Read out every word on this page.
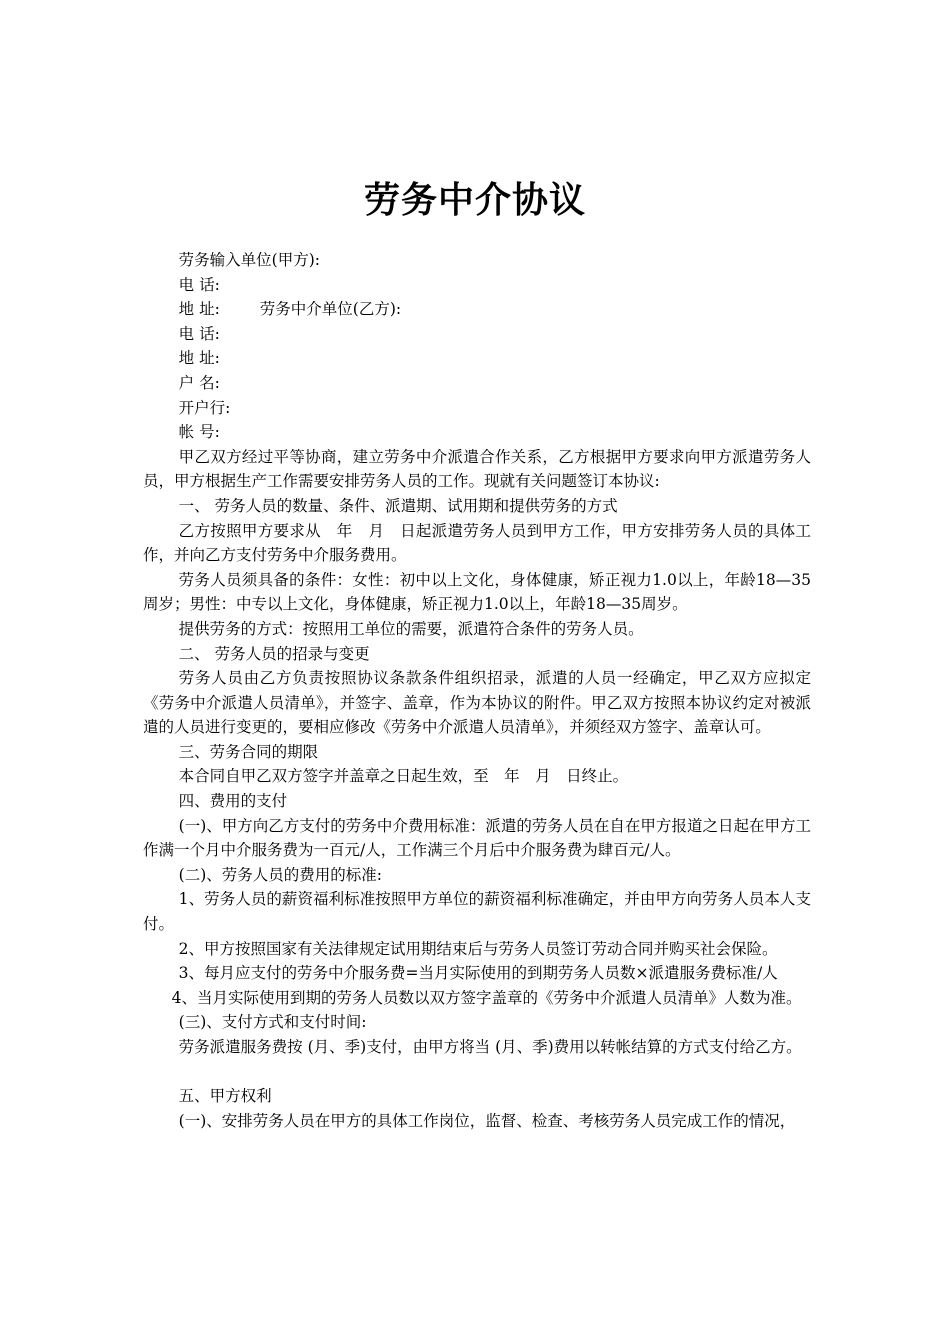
劳务中介协议

劳务输入单位(甲方):

电 话:

地 址:	劳务中介单位(乙方):

电 话:

地 址:

户 名:

开户行:

帐 号:

甲乙双方经过平等协商，建立劳务中介派遣合作关系，乙方根据甲方要求向甲方派遣劳务人员，甲方根据生产工作需要安排劳务人员的工作。现就有关问题签订本协议:

一、 劳务人员的数量、条件、派遣期、试用期和提供劳务的方式

乙方按照甲方要求从　年　月　日起派遣劳务人员到甲方工作，甲方安排劳务人员的具体工作，并向乙方支付劳务中介服务费用。

劳务人员须具备的条件：女性：初中以上文化，身体健康，矫正视力1.0以上，年龄18—35周岁；男性：中专以上文化，身体健康，矫正视力1.0以上，年龄18—35周岁。

提供劳务的方式：按照用工单位的需要，派遣符合条件的劳务人员。

二、 劳务人员的招录与变更

劳务人员由乙方负责按照协议条款条件组织招录，派遣的人员一经确定，甲乙双方应拟定《劳务中介派遣人员清单》，并签字、盖章，作为本协议的附件。甲乙双方按照本协议约定对被派遣的人员进行变更的，要相应修改《劳务中介派遣人员清单》，并须经双方签字、盖章认可。

三、劳务合同的期限

本合同自甲乙双方签字并盖章之日起生效，至　年　月　日终止。

四、费用的支付

(一)、甲方向乙方支付的劳务中介费用标准：派遣的劳务人员在自在甲方报道之日起在甲方工作满一个月中介服务费为一百元/人，工作满三个月后中介服务费为肆百元/人。

(二)、劳务人员的费用的标准:

1、劳务人员的薪资福利标准按照甲方单位的薪资福利标准确定，并由甲方向劳务人员本人支付。

2、甲方按照国家有关法律规定试用期结束后与劳务人员签订劳动合同并购买社会保险。

3、每月应支付的劳务中介服务费=当月实际使用的到期劳务人员数×派遣服务费标准/人

4、当月实际使用到期的劳务人员数以双方签字盖章的《劳务中介派遣人员清单》人数为准。

(三)、支付方式和支付时间:

劳务派遣服务费按 (月、季)支付，由甲方将当 (月、季)费用以转帐结算的方式支付给乙方。

五、甲方权利

(一)、安排劳务人员在甲方的具体工作岗位，监督、检查、考核劳务人员完成工作的情况，
